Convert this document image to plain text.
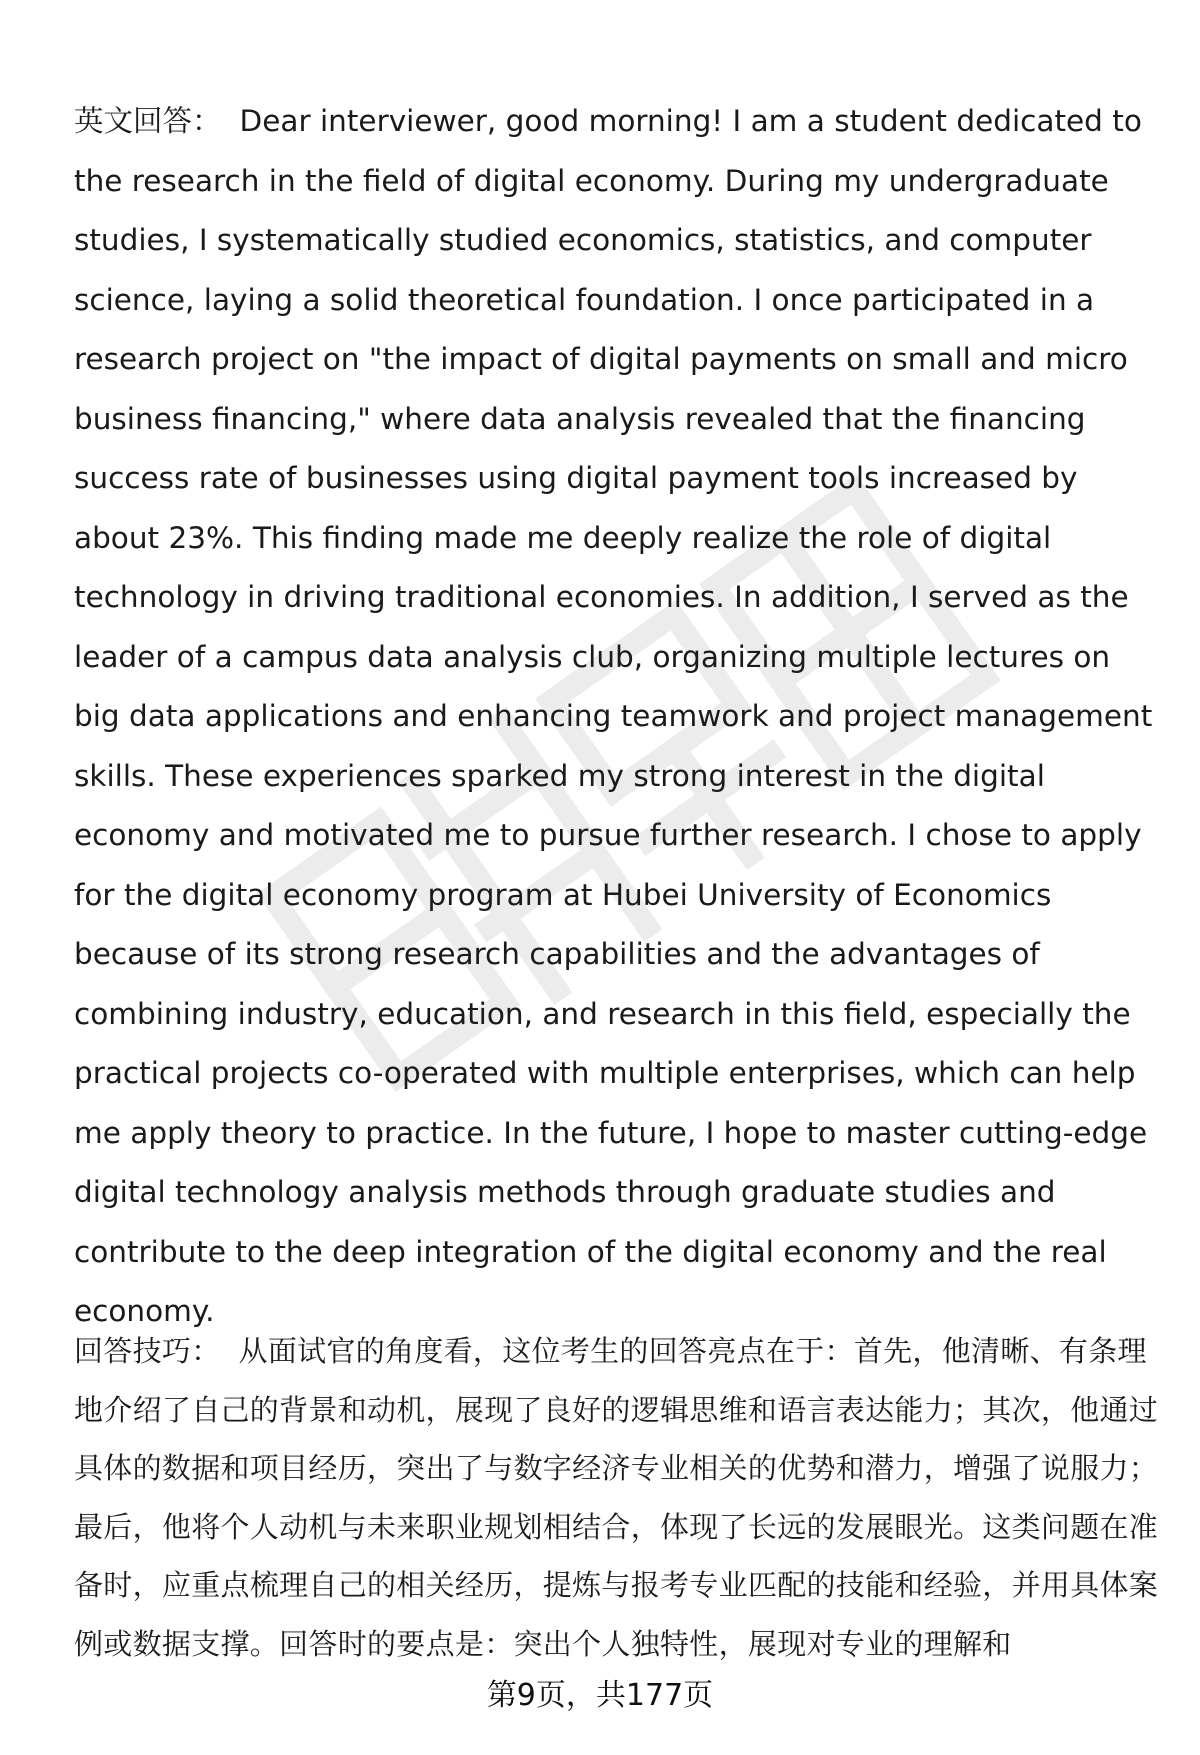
英文回答： Dear interviewer, good morning! I am a student dedicated to the research in the field of digital economy. During my undergraduate studies, I systematically studied economics, statistics, and computer science, laying a solid theoretical foundation. I once participated in a research project on "the impact of digital payments on small and micro business financing," where data analysis revealed that the financing success rate of businesses using digital payment tools increased by about 23%. This finding made me deeply realize the role of digital technology in driving traditional economies. In addition, I served as the leader of a campus data analysis club, organizing multiple lectures on big data applications and enhancing teamwork and project management skills. These experiences sparked my strong interest in the digital economy and motivated me to pursue further research. I chose to apply for the digital economy program at Hubei University of Economics because of its strong research capabilities and the advantages of combining industry, education, and research in this field, especially the practical projects co-operated with multiple enterprises, which can help me apply theory to practice. In the future, I hope to master cutting-edge digital technology analysis methods through graduate studies and contribute to the deep integration of the digital economy and the real economy.

回答技巧： 从面试官的角度看，这位考生的回答亮点在于：首先，他清晰、有条理地介绍了自己的背景和动机，展现了良好的逻辑思维和语言表达能力；其次，他通过具体的数据和项目经历，突出了与数字经济专业相关的优势和潜力，增强了说服力；最后，他将个人动机与未来职业规划相结合，体现了长远的发展眼光。这类问题在准备时，应重点梳理自己的相关经历，提炼与报考专业匹配的技能和经验，并用具体案例或数据支撑。回答时的要点是：突出个人独特性，展现对专业的理解和

第9页，共177页
